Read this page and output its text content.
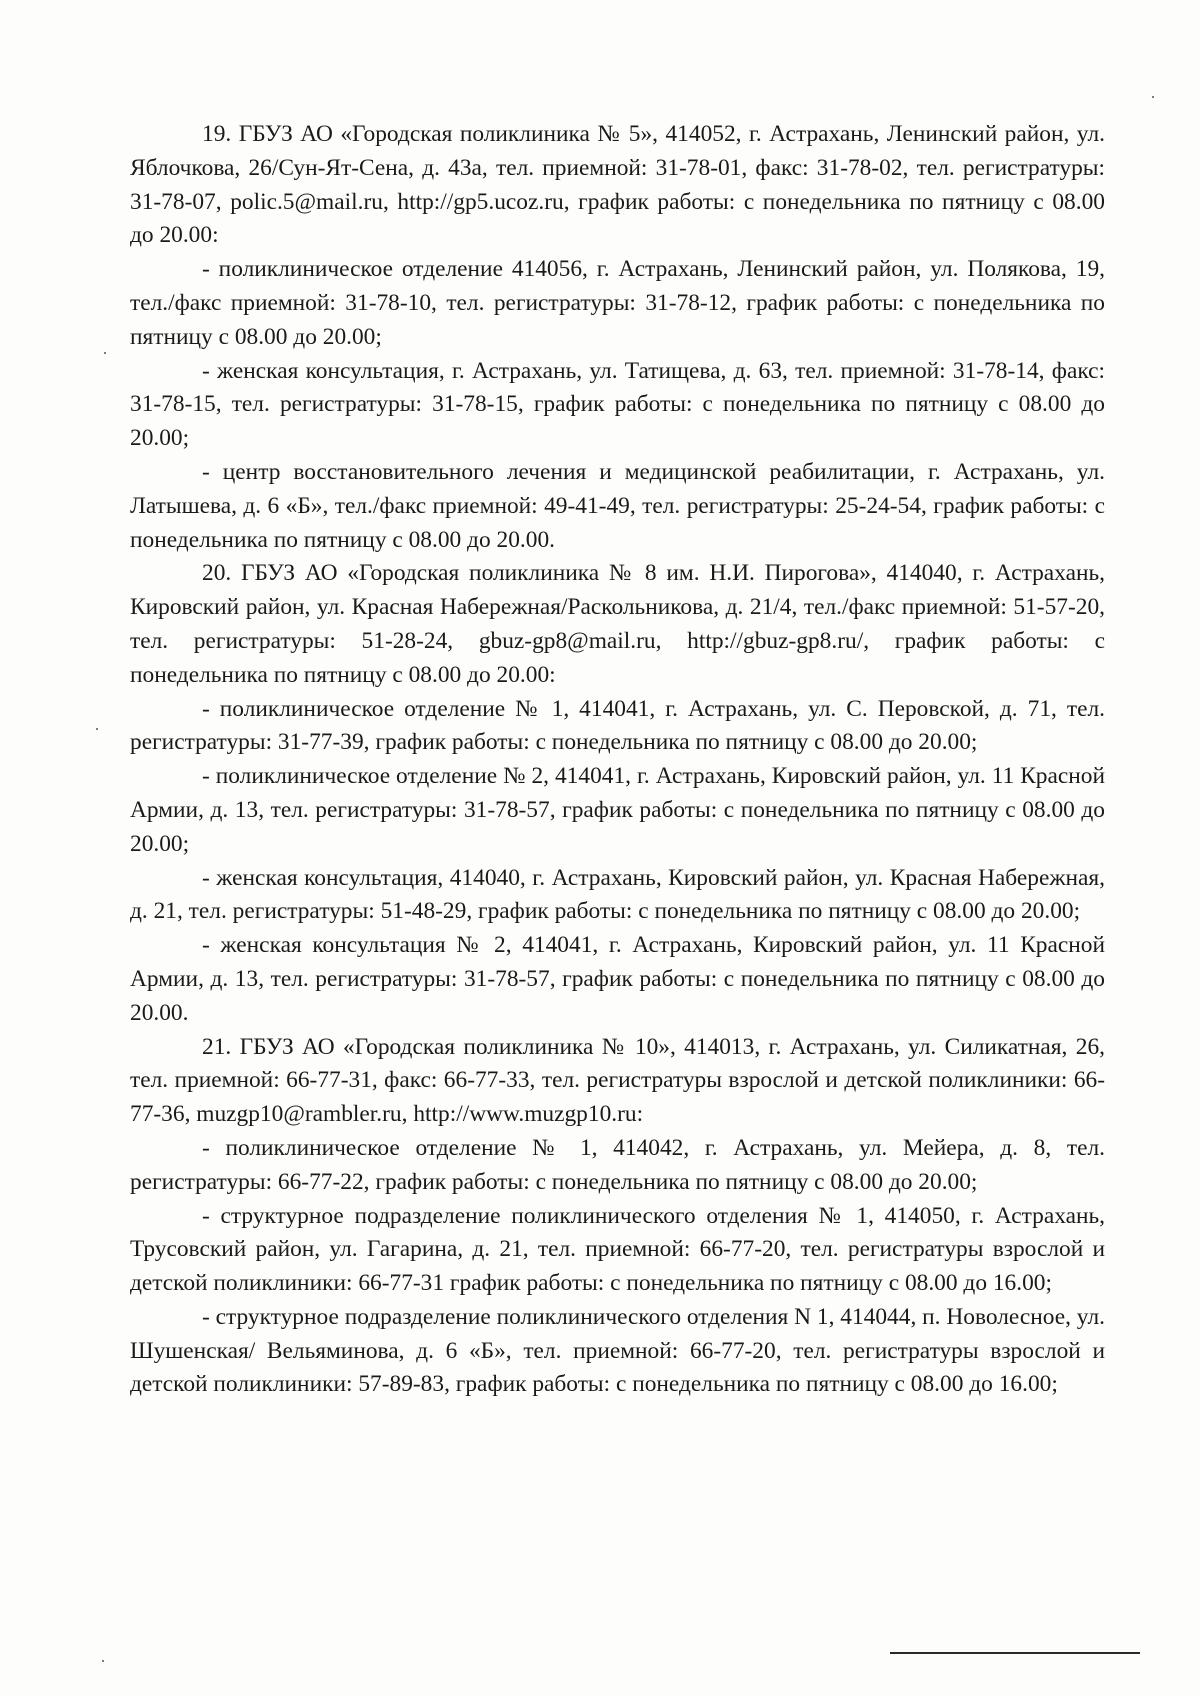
19. ГБУЗ АО «Городская поликлиника № 5», 414052, г. Астрахань, Ленинский район, ул. Яблочкова, 26/Сун-Ят-Сена, д. 43а, тел. приемной: 31-78-01, факс: 31-78-02, тел. регистратуры: 31-78-07, polic.5@mail.ru, http://gp5.ucoz.ru, график работы: с понедельника по пятницу с 08.00 до 20.00:

- поликлиническое отделение 414056, г. Астрахань, Ленинский район, ул. Полякова, 19, тел./факс приемной: 31-78-10, тел. регистратуры: 31-78-12, график работы: с понедельника по пятницу с 08.00 до 20.00;

- женская консультация, г. Астрахань, ул. Татищева, д. 63, тел. приемной: 31-78-14, факс: 31-78-15, тел. регистратуры: 31-78-15, график работы: с понедельника по пятницу с 08.00 до 20.00;

- центр восстановительного лечения и медицинской реабилитации, г. Астрахань, ул. Латышева, д. 6 «Б», тел./факс приемной: 49-41-49, тел. регистратуры: 25-24-54, график работы: с понедельника по пятницу с 08.00 до 20.00.

20. ГБУЗ АО «Городская поликлиника № 8 им. Н.И. Пирогова», 414040, г. Астрахань, Кировский район, ул. Красная Набережная/Раскольникова, д. 21/4, тел./факс приемной: 51-57-20, тел. регистратуры: 51-28-24, gbuz-gp8@mail.ru, http://gbuz-gp8.ru/, график работы: с понедельника по пятницу с 08.00 до 20.00:

- поликлиническое отделение № 1, 414041, г. Астрахань, ул. С. Перовской, д. 71, тел. регистратуры: 31-77-39, график работы: с понедельника по пятницу с 08.00 до 20.00;

- поликлиническое отделение № 2, 414041, г. Астрахань, Кировский район, ул. 11 Красной Армии, д. 13, тел. регистратуры: 31-78-57, график работы: с понедельника по пятницу с 08.00 до 20.00;

- женская консультация, 414040, г. Астрахань, Кировский район, ул. Красная Набережная, д. 21, тел. регистратуры: 51-48-29, график работы: с понедельника по пятницу с 08.00 до 20.00;

- женская консультация № 2, 414041, г. Астрахань, Кировский район, ул. 11 Красной Армии, д. 13, тел. регистратуры: 31-78-57, график работы: с понедельника по пятницу с 08.00 до 20.00.

21. ГБУЗ АО «Городская поликлиника № 10», 414013, г. Астрахань, ул. Силикатная, 26, тел. приемной: 66-77-31, факс: 66-77-33, тел. регистратуры взрослой и детской поликлиники: 66-77-36, muzgp10@rambler.ru, http://www.muzgp10.ru:

- поликлиническое отделение № 1, 414042, г. Астрахань, ул. Мейера, д. 8, тел. регистратуры: 66-77-22, график работы: с понедельника по пятницу с 08.00 до 20.00;

- структурное подразделение поликлинического отделения № 1, 414050, г. Астрахань, Трусовский район, ул. Гагарина, д. 21, тел. приемной: 66-77-20, тел. регистратуры взрослой и детской поликлиники: 66-77-31 график работы: с понедельника по пятницу с 08.00 до 16.00;

- структурное подразделение поликлинического отделения N 1, 414044, п. Новолесное, ул. Шушенская/ Вельяминова, д. 6 «Б», тел. приемной: 66-77-20, тел. регистратуры взрослой и детской поликлиники: 57-89-83, график работы: с понедельника по пятницу с 08.00 до 16.00;
